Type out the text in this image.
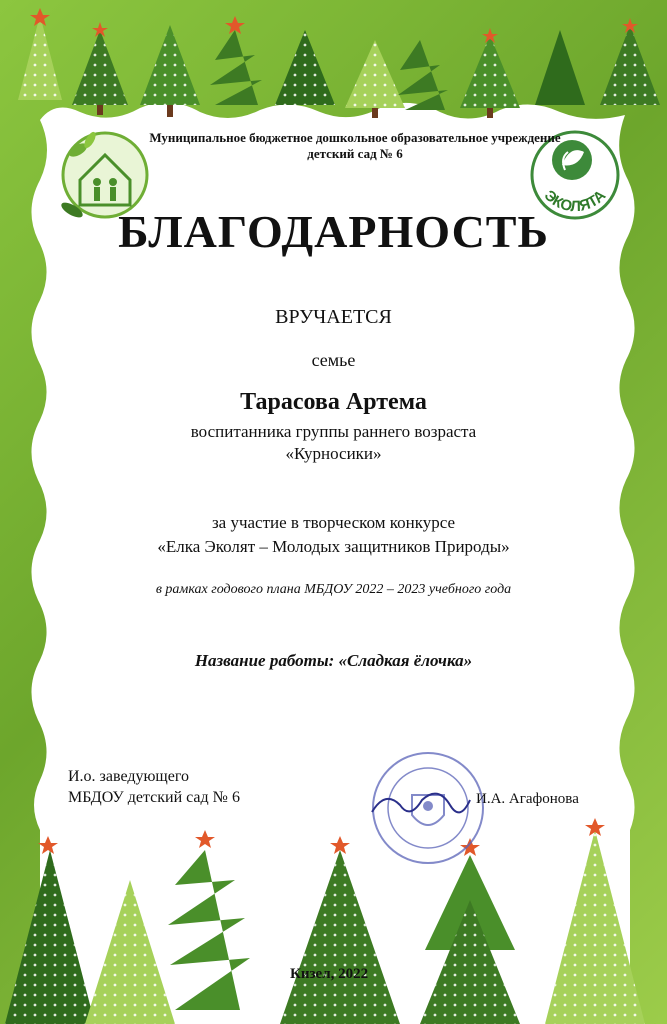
ЭКОЛЯТА

Муниципальное бюджетное дошкольное образовательное учреждение детский сад № 6

БЛАГОДАРНОСТЬ

ВРУЧАЕТСЯ

семье

Тарасова Артема

воспитанника группы раннего возраста

«Курносики»

за участие в творческом конкурсе

«Елка Эколят – Молодых защитников Природы»

в рамках годового плана МБДОУ 2022 – 2023 учебного года

Название работы: «Сладкая ёлочка»

И.о. заведующего

МБДОУ детский сад № 6	И.А. Агафонова

Кизел, 2022
